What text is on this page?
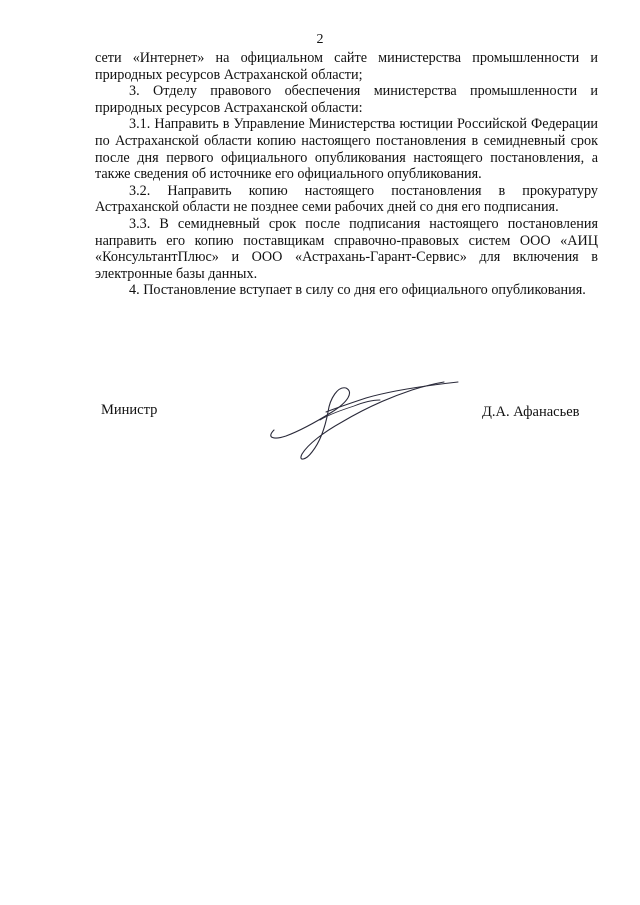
2

сети «Интернет» на официальном сайте министерства промышленности и природных ресурсов Астраханской области;

3. Отделу правового обеспечения министерства промышленности и природных ресурсов Астраханской области:

3.1. Направить в Управление Министерства юстиции Российской Федерации по Астраханской области копию настоящего постановления в семидневный срок после дня первого официального опубликования настоящего постановления, а также сведения об источнике его официального опубликования.

3.2. Направить копию настоящего постановления в прокуратуру Астраханской области не позднее семи рабочих дней со дня его подписания.

3.3. В семидневный срок после подписания настоящего постановления направить его копию поставщикам справочно-правовых систем ООО «АИЦ «КонсультантПлюс» и ООО «Астрахань-Гарант-Сервис» для включения в электронные базы данных.

4. Постановление вступает в силу со дня его официального опубликования.

Министр	Д.А. Афанасьев
